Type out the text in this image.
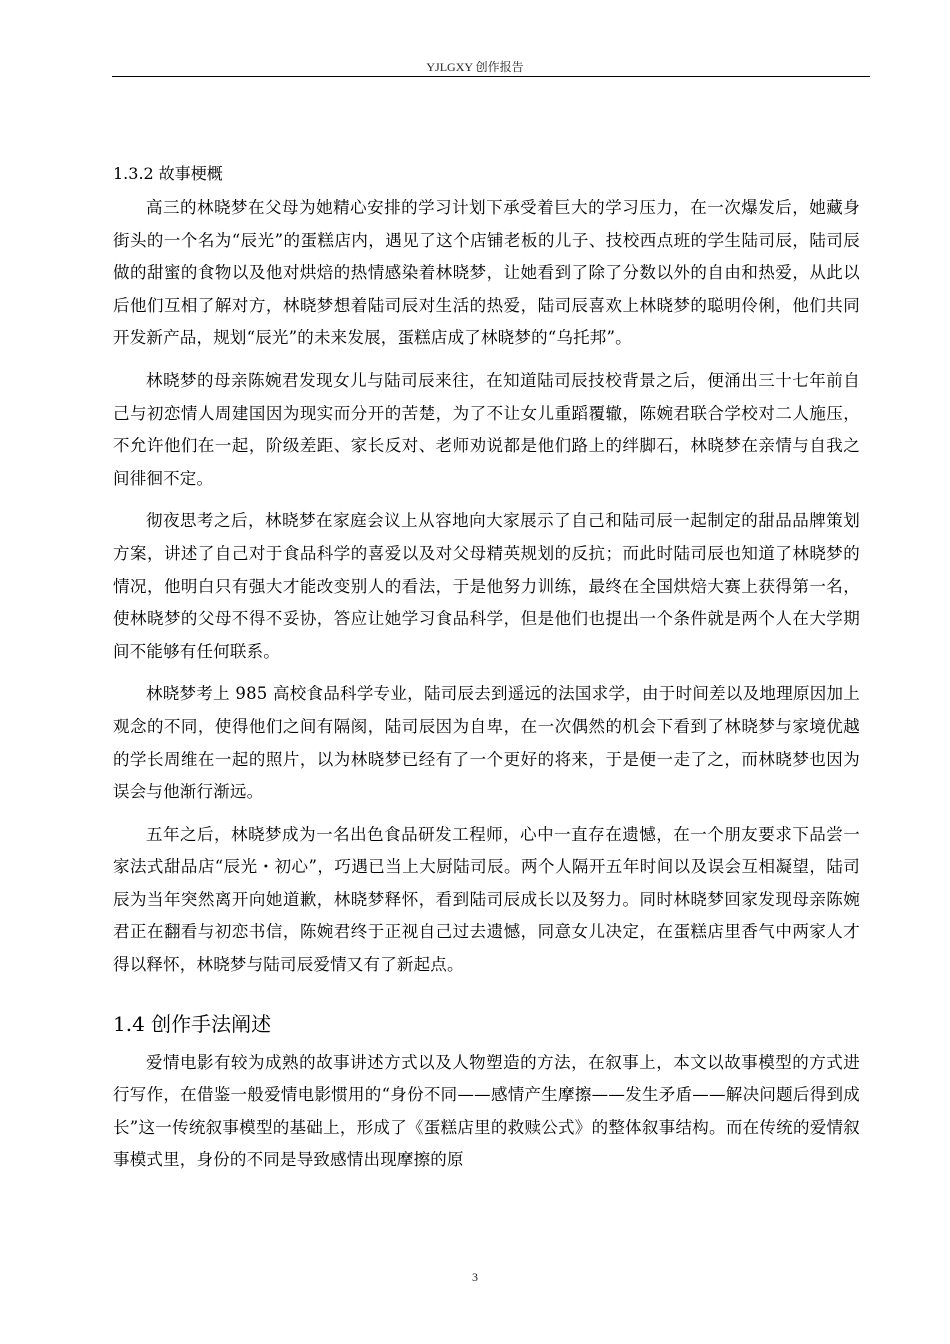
YJLGXY 创作报告
1.3.2 故事梗概

高三的林晓梦在父母为她精心安排的学习计划下承受着巨大的学习压力，在一次爆发后，她藏身街头的一个名为“辰光”的蛋糕店内，遇见了这个店铺老板的儿子、技校西点班的学生陆司辰，陆司辰做的甜蜜的食物以及他对烘焙的热情感染着林晓梦，让她看到了除了分数以外的自由和热爱，从此以后他们互相了解对方，林晓梦想着陆司辰对生活的热爱，陆司辰喜欢上林晓梦的聪明伶俐，他们共同开发新产品，规划“辰光”的未来发展，蛋糕店成了林晓梦的“乌托邦”。

林晓梦的母亲陈婉君发现女儿与陆司辰来往，在知道陆司辰技校背景之后，便涌出三十七年前自己与初恋情人周建国因为现实而分开的苦楚，为了不让女儿重蹈覆辙，陈婉君联合学校对二人施压，不允许他们在一起，阶级差距、家长反对、老师劝说都是他们路上的绊脚石，林晓梦在亲情与自我之间徘徊不定。

彻夜思考之后，林晓梦在家庭会议上从容地向大家展示了自己和陆司辰一起制定的甜品品牌策划方案，讲述了自己对于食品科学的喜爱以及对父母精英规划的反抗；而此时陆司辰也知道了林晓梦的情况，他明白只有强大才能改变别人的看法，于是他努力训练，最终在全国烘焙大赛上获得第一名，使林晓梦的父母不得不妥协，答应让她学习食品科学，但是他们也提出一个条件就是两个人在大学期间不能够有任何联系。

林晓梦考上 985 高校食品科学专业，陆司辰去到遥远的法国求学，由于时间差以及地理原因加上观念的不同，使得他们之间有隔阂，陆司辰因为自卑，在一次偶然的机会下看到了林晓梦与家境优越的学长周维在一起的照片，以为林晓梦已经有了一个更好的将来，于是便一走了之，而林晓梦也因为误会与他渐行渐远。

五年之后，林晓梦成为一名出色食品研发工程师，心中一直存在遗憾，在一个朋友要求下品尝一家法式甜品店“辰光・初心”，巧遇已当上大厨陆司辰。两个人隔开五年时间以及误会互相凝望，陆司辰为当年突然离开向她道歉，林晓梦释怀，看到陆司辰成长以及努力。同时林晓梦回家发现母亲陈婉君正在翻看与初恋书信，陈婉君终于正视自己过去遗憾，同意女儿决定，在蛋糕店里香气中两家人才得以释怀，林晓梦与陆司辰爱情又有了新起点。

1.4 创作手法阐述

爱情电影有较为成熟的故事讲述方式以及人物塑造的方法，在叙事上，本文以故事模型的方式进行写作，在借鉴一般爱情电影惯用的“身份不同——感情产生摩擦——发生矛盾——解决问题后得到成长”这一传统叙事模型的基础上，形成了《蛋糕店里的救赎公式》的整体叙事结构。而在传统的爱情叙事模式里，身份的不同是导致感情出现摩擦的原

3
